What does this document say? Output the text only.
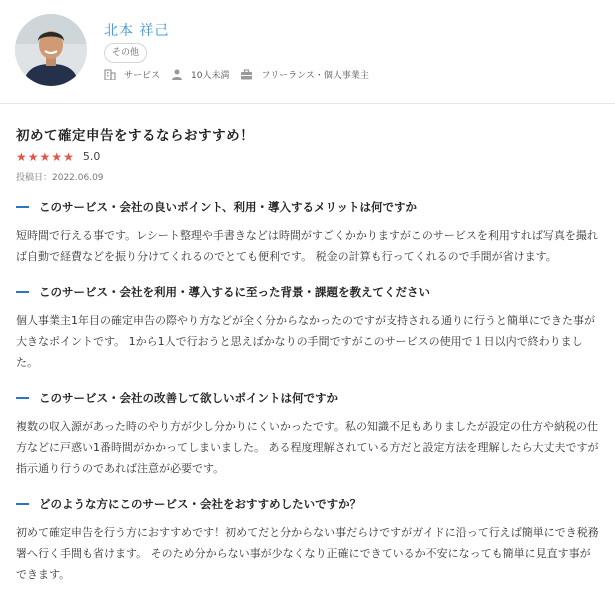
北本 祥己
その他
サービス	10人未満	フリーランス・個人事業主
初めて確定申告をするならおすすめ！
★ ★ ★ ★ ★ 5.0
投稿日：2022.06.09
このサービス・会社の良いポイント、利用・導入するメリットは何ですか
短時間で行える事です。レシート整理や手書きなどは時間がすごくかかりますがこのサービスを利用すれば写真を撮れば自動で経費などを振り分けてくれるのでとても便利です。 税金の計算も行ってくれるので手間が省けます。
このサービス・会社を利用・導入するに至った背景・課題を教えてください
個人事業主1年目の確定申告の際やり方などが全く分からなかったのですが支持される通りに行うと簡単にできた事が大きなポイントです。 1から1人で行おうと思えばかなりの手間ですがこのサービスの使用で１日以内で終わりました。
このサービス・会社の改善して欲しいポイントは何ですか
複数の収入源があった時のやり方が少し分かりにくいかったです。私の知識不足もありましたが設定の仕方や納税の仕方などに戸惑い1番時間がかかってしまいました。 ある程度理解されている方だと設定方法を理解したら大丈夫ですが指示通り行うのであれば注意が必要です。
どのような方にこのサービス・会社をおすすめしたいですか？
初めて確定申告を行う方におすすめです！初めてだと分からない事だらけですがガイドに沿って行えば簡単にでき税務署へ行く手間も省けます。 そのため分からない事が少なくなり正確にできているか不安になっても簡単に見直す事ができます。
